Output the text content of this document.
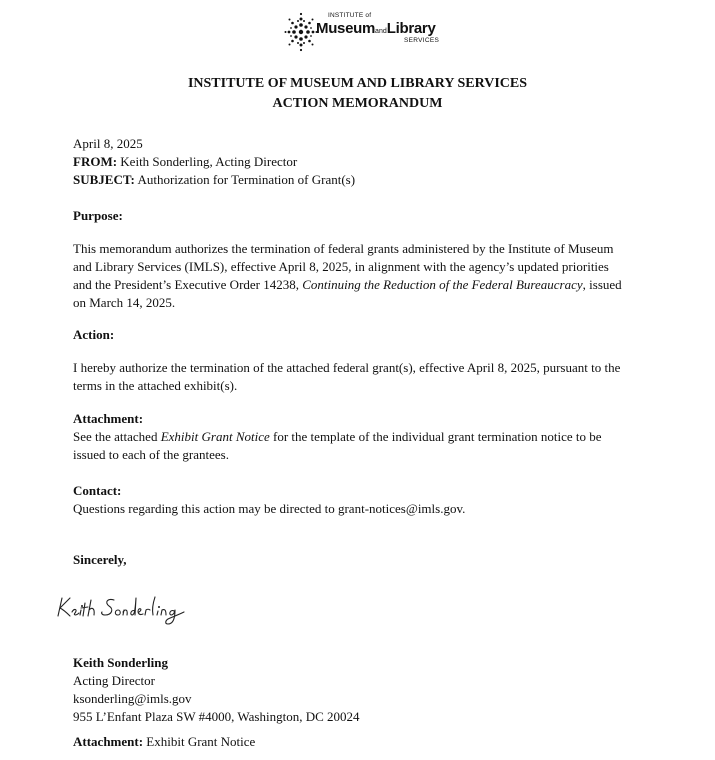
INSTITUTE of
MuseumandLibrary
SERVICES
INSTITUTE OF MUSEUM AND LIBRARY SERVICES
ACTION MEMORANDUM
April 8, 2025
FROM: Keith Sonderling, Acting Director
SUBJECT: Authorization for Termination of Grant(s)
Purpose:
This memorandum authorizes the termination of federal grants administered by the Institute of Museum
and Library Services (IMLS), effective April 8, 2025, in alignment with the agency’s updated priorities
and the President’s Executive Order 14238, Continuing the Reduction of the Federal Bureaucracy, issued
on March 14, 2025.
Action:
I hereby authorize the termination of the attached federal grant(s), effective April 8, 2025, pursuant to the
terms in the attached exhibit(s).
Attachment:
See the attached Exhibit Grant Notice for the template of the individual grant termination notice to be
issued to each of the grantees.
Contact:
Questions regarding this action may be directed to grant-notices@imls.gov.
Sincerely,
Keith Sonderling
Acting Director
ksonderling@imls.gov
955 L’Enfant Plaza SW #4000, Washington, DC 20024
Attachment: Exhibit Grant Notice
